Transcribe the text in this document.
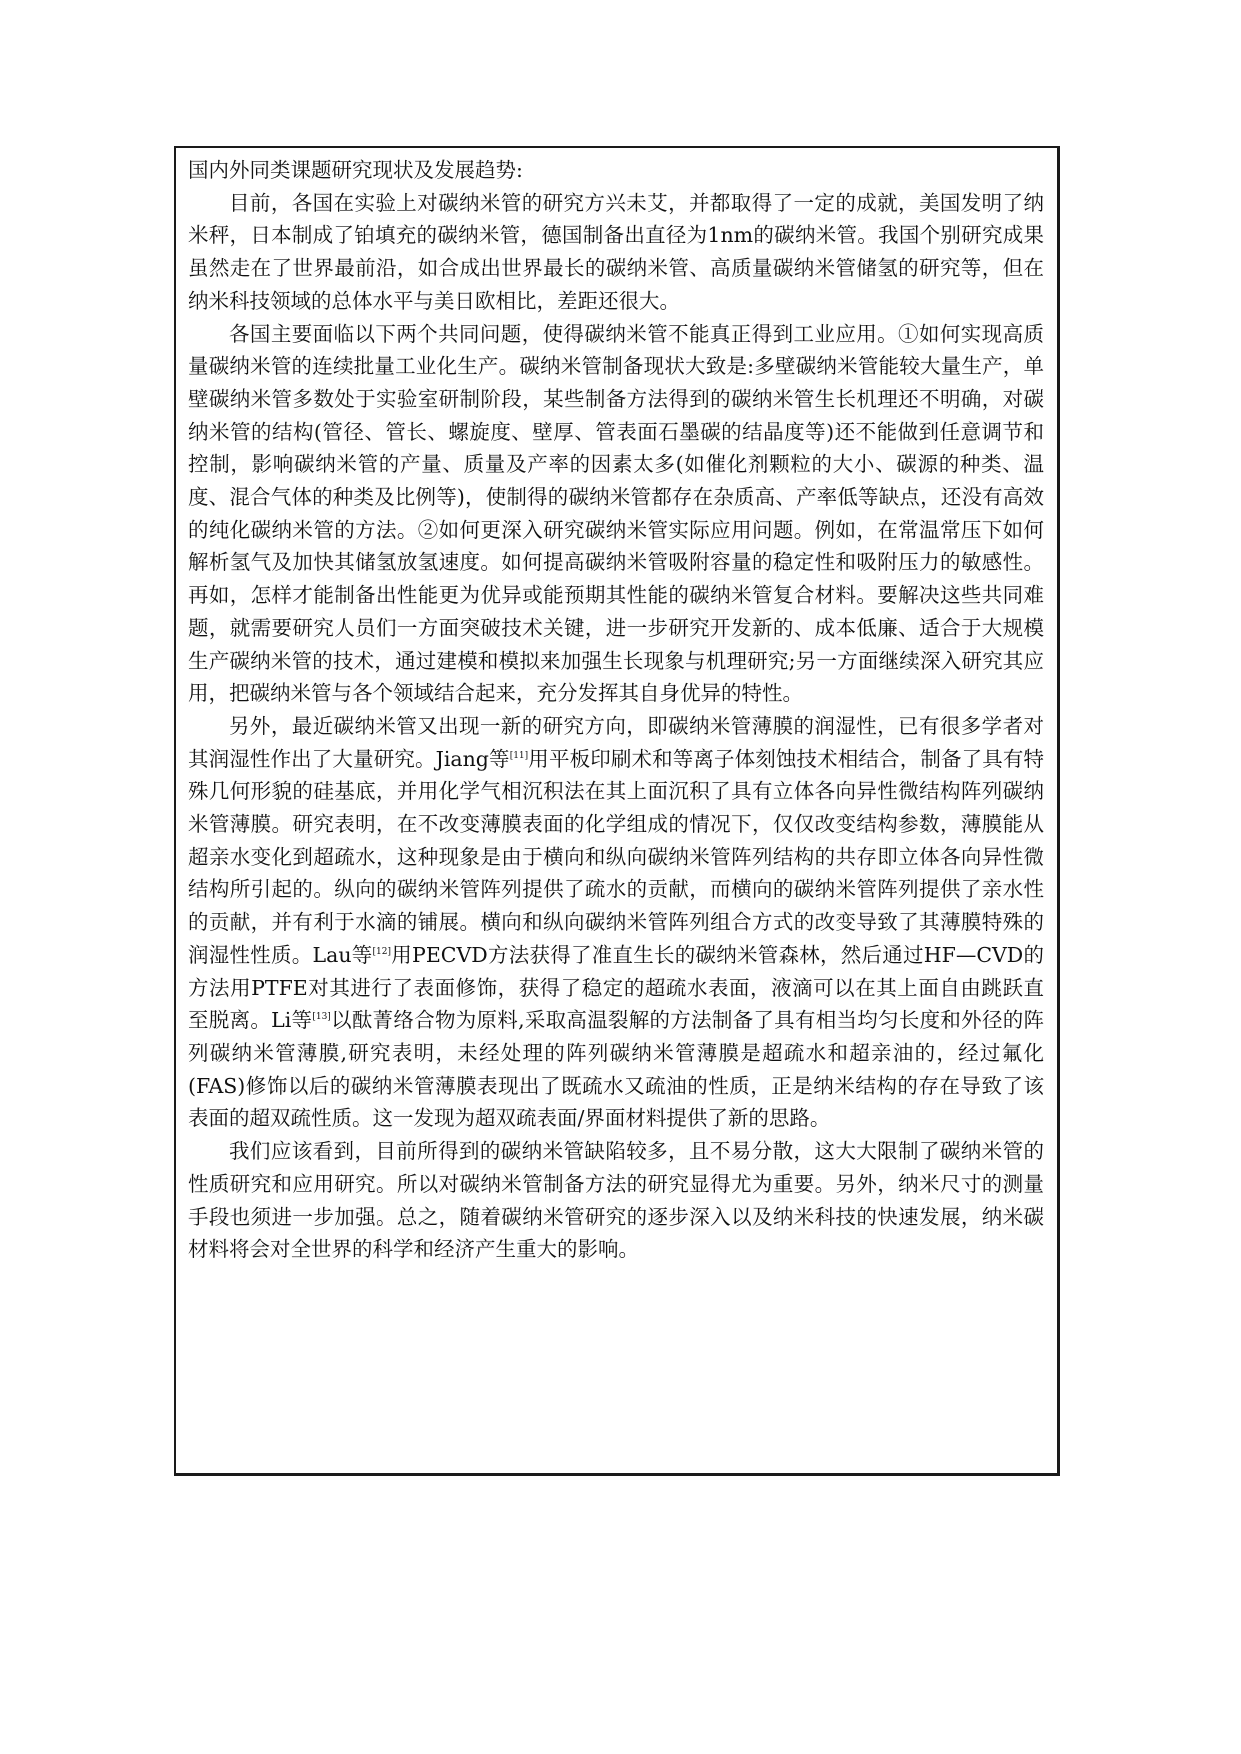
国内外同类课题研究现状及发展趋势:

目前，各国在实验上对碳纳米管的研究方兴未艾，并都取得了一定的成就，美国发明了纳米秤，日本制成了铂填充的碳纳米管，德国制备出直径为1nm的碳纳米管。我国个别研究成果虽然走在了世界最前沿，如合成出世界最长的碳纳米管、高质量碳纳米管储氢的研究等，但在纳米科技领域的总体水平与美日欧相比，差距还很大。

各国主要面临以下两个共同问题，使得碳纳米管不能真正得到工业应用。①如何实现高质量碳纳米管的连续批量工业化生产。碳纳米管制备现状大致是:多壁碳纳米管能较大量生产，单壁碳纳米管多数处于实验室研制阶段，某些制备方法得到的碳纳米管生长机理还不明确，对碳纳米管的结构(管径、管长、螺旋度、壁厚、管表面石墨碳的结晶度等)还不能做到任意调节和控制，影响碳纳米管的产量、质量及产率的因素太多(如催化剂颗粒的大小、碳源的种类、温度、混合气体的种类及比例等)，使制得的碳纳米管都存在杂质高、产率低等缺点，还没有高效的纯化碳纳米管的方法。②如何更深入研究碳纳米管实际应用问题。例如，在常温常压下如何解析氢气及加快其储氢放氢速度。如何提高碳纳米管吸附容量的稳定性和吸附压力的敏感性。再如，怎样才能制备出性能更为优异或能预期其性能的碳纳米管复合材料。要解决这些共同难题，就需要研究人员们一方面突破技术关键，进一步研究开发新的、成本低廉、适合于大规模生产碳纳米管的技术，通过建模和模拟来加强生长现象与机理研究;另一方面继续深入研究其应用，把碳纳米管与各个领域结合起来，充分发挥其自身优异的特性。

另外，最近碳纳米管又出现一新的研究方向，即碳纳米管薄膜的润湿性，已有很多学者对其润湿性作出了大量研究。Jiang等[11]用平板印刷术和等离子体刻蚀技术相结合，制备了具有特殊几何形貌的硅基底，并用化学气相沉积法在其上面沉积了具有立体各向异性微结构阵列碳纳米管薄膜。研究表明，在不改变薄膜表面的化学组成的情况下，仅仅改变结构参数，薄膜能从超亲水变化到超疏水，这种现象是由于横向和纵向碳纳米管阵列结构的共存即立体各向异性微结构所引起的。纵向的碳纳米管阵列提供了疏水的贡献，而横向的碳纳米管阵列提供了亲水性的贡献，并有利于水滴的铺展。横向和纵向碳纳米管阵列组合方式的改变导致了其薄膜特殊的润湿性性质。Lau等[12]用PECVD方法获得了准直生长的碳纳米管森林，然后通过HF—CVD的方法用PTFE对其进行了表面修饰，获得了稳定的超疏水表面，液滴可以在其上面自由跳跃直至脱离。Li等[13]以酞菁络合物为原料,采取高温裂解的方法制备了具有相当均匀长度和外径的阵列碳纳米管薄膜,研究表明，未经处理的阵列碳纳米管薄膜是超疏水和超亲油的，经过氟化(FAS)修饰以后的碳纳米管薄膜表现出了既疏水又疏油的性质，正是纳米结构的存在导致了该表面的超双疏性质。这一发现为超双疏表面/界面材料提供了新的思路。

我们应该看到，目前所得到的碳纳米管缺陷较多，且不易分散，这大大限制了碳纳米管的性质研究和应用研究。所以对碳纳米管制备方法的研究显得尤为重要。另外，纳米尺寸的测量手段也须进一步加强。总之，随着碳纳米管研究的逐步深入以及纳米科技的快速发展，纳米碳材料将会对全世界的科学和经济产生重大的影响。
